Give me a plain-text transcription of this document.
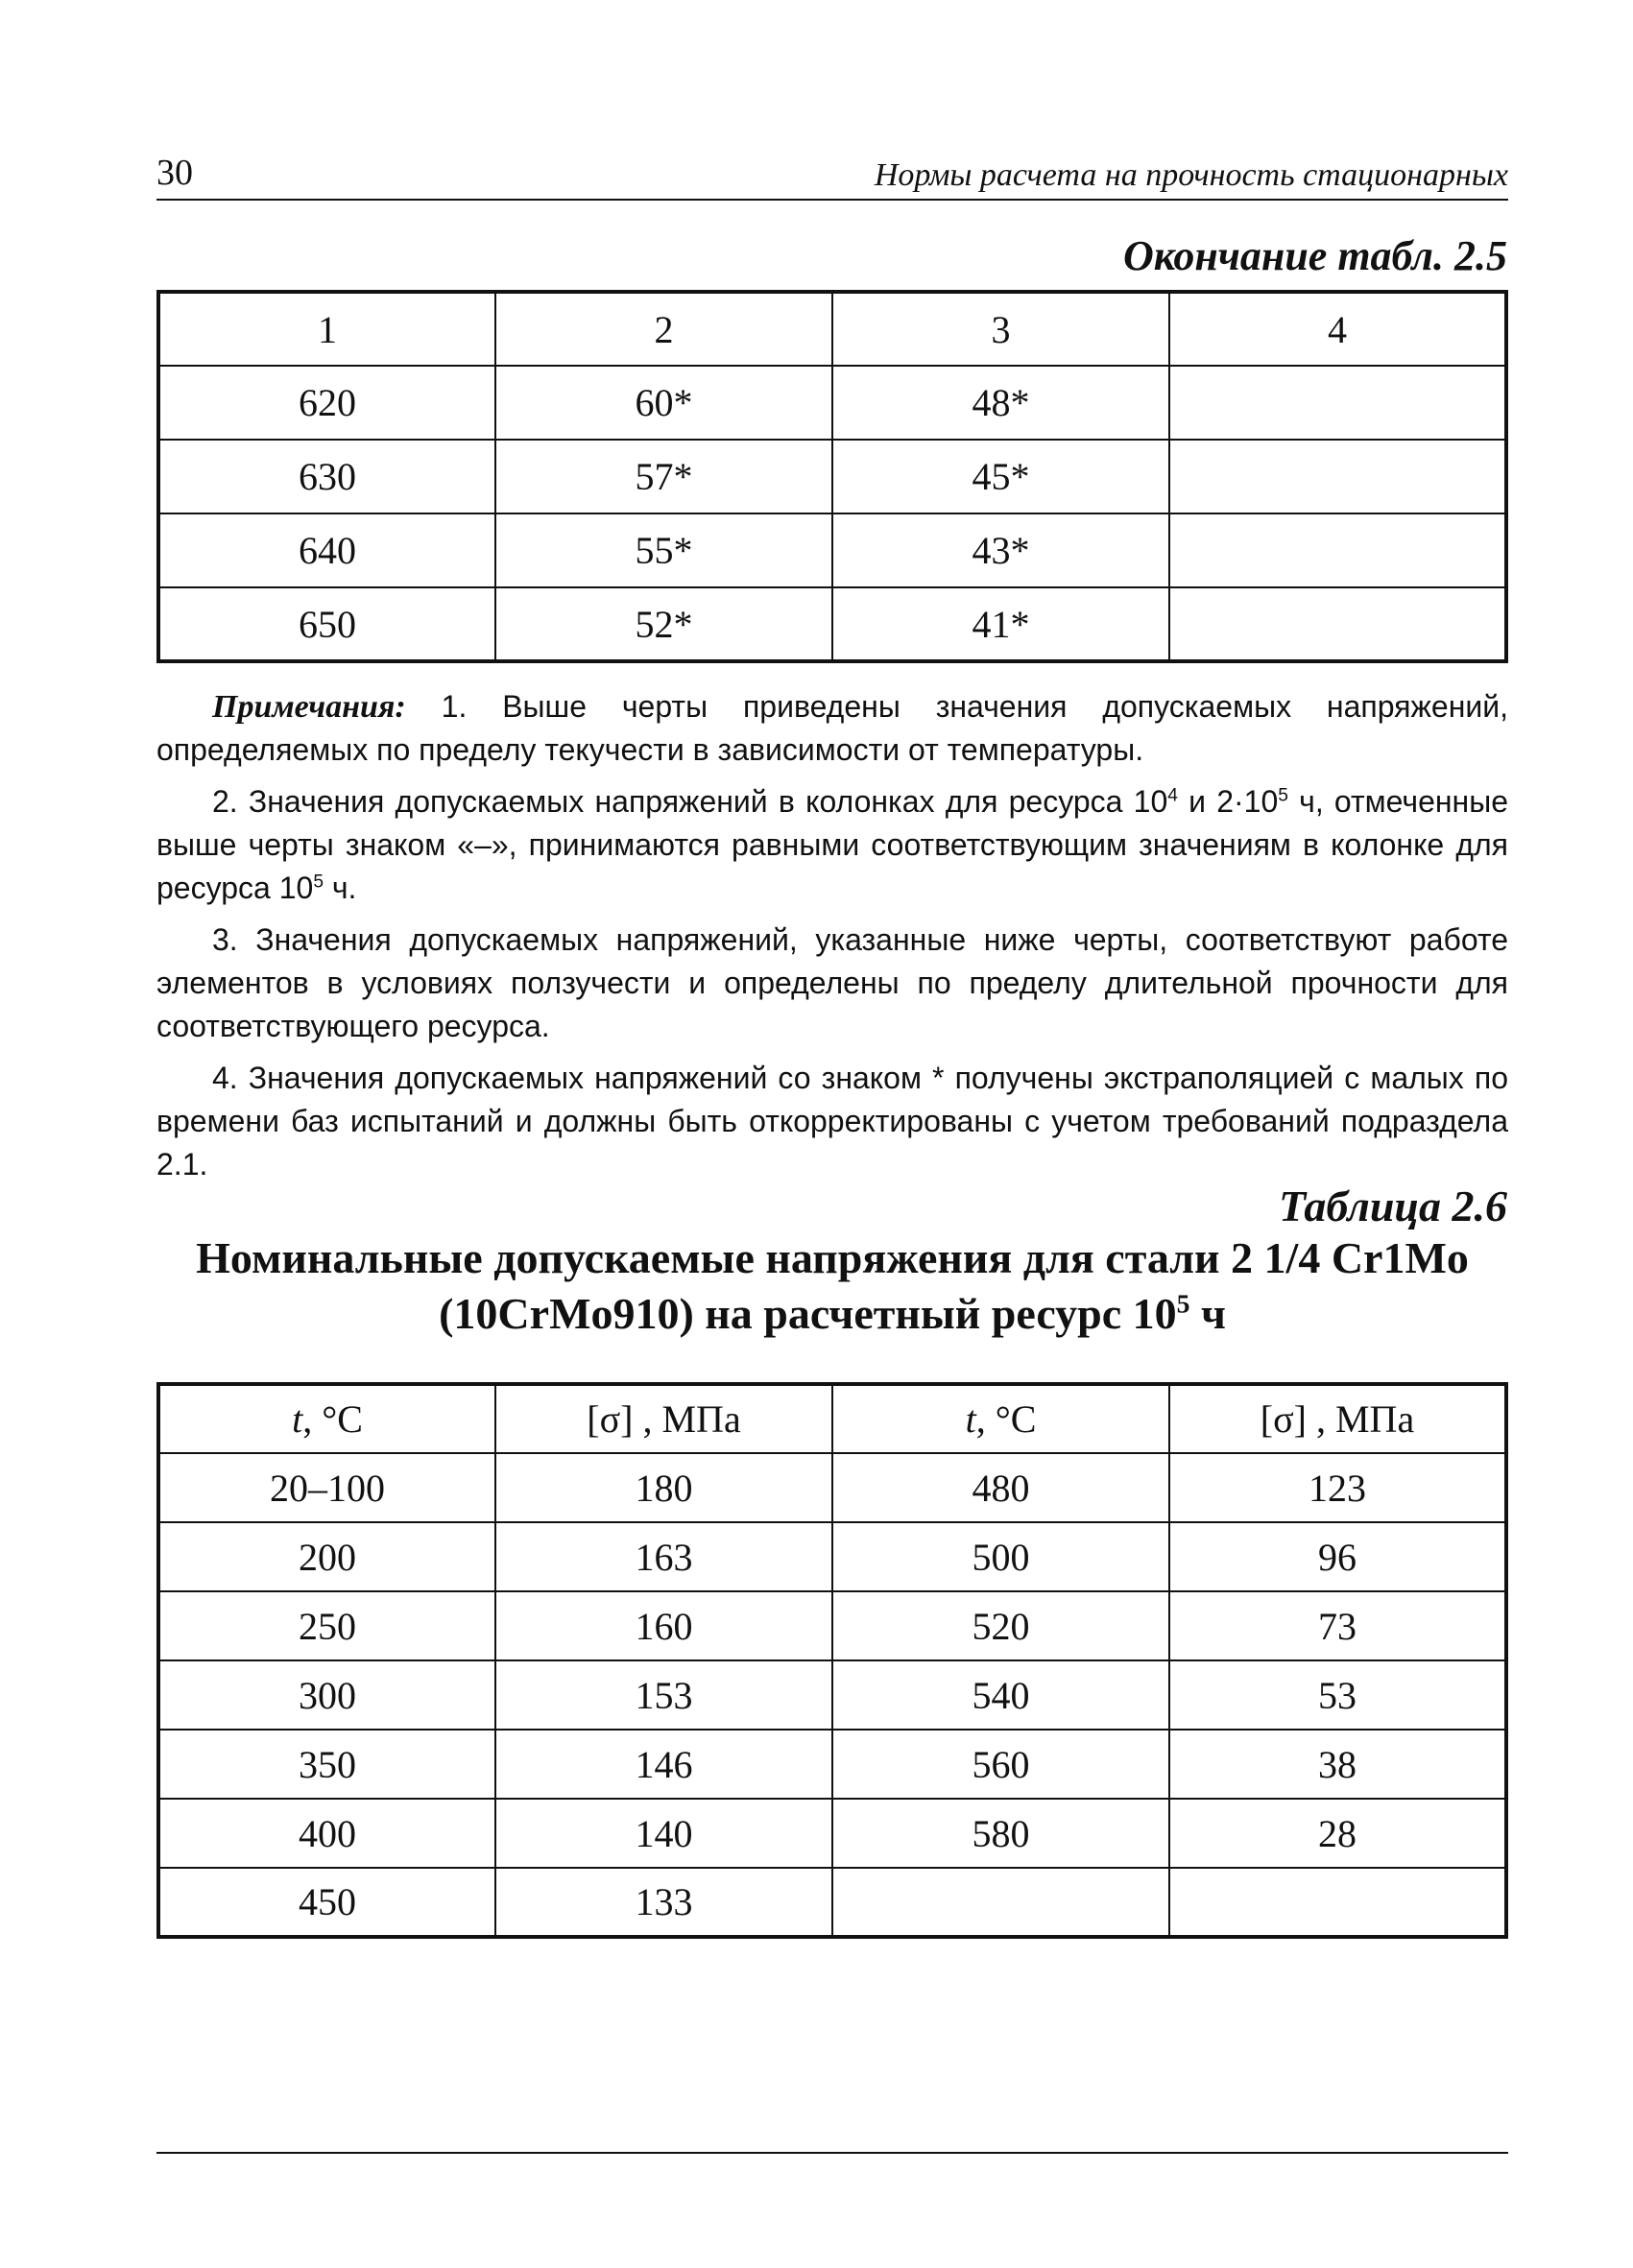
30	Нормы расчета на прочность стационарных
Окончание табл. 2.5
1	2	3	4
620	60*	48*	
630	57*	45*	
640	55*	43*	
650	52*	41*	

Примечания: 1. Выше черты приведены значения допускаемых напряжений, определяемых по пределу текучести в зависимости от температуры.

2. Значения допускаемых напряжений в колонках для ресурса $10^4$ и $2\cdot 10^5$ ч, отмеченные выше черты знаком «–», принимаются равными соответствующим значениям в колонке для ресурса $10^5$ ч.

3. Значения допускаемых напряжений, указанные ниже черты, соответствуют работе элементов в условиях ползучести и определены по пределу длительной прочности для соответствующего ресурса.

4. Значения допускаемых напряжений со знаком * получены экстраполяцией с малых по времени баз испытаний и должны быть откорректированы с учетом требований подраздела 2.1.

Таблица 2.6
Номинальные допускаемые напряжения для стали 2 1/4 Cr1Mo
(10CrMo910) на расчетный ресурс $10^5$ ч
t, °C	[σ] , МПа	t, °C	[σ] , МПа
20–100	180	480	123
200	163	500	96
250	160	520	73
300	153	540	53
350	146	560	38
400	140	580	28
450	133		
